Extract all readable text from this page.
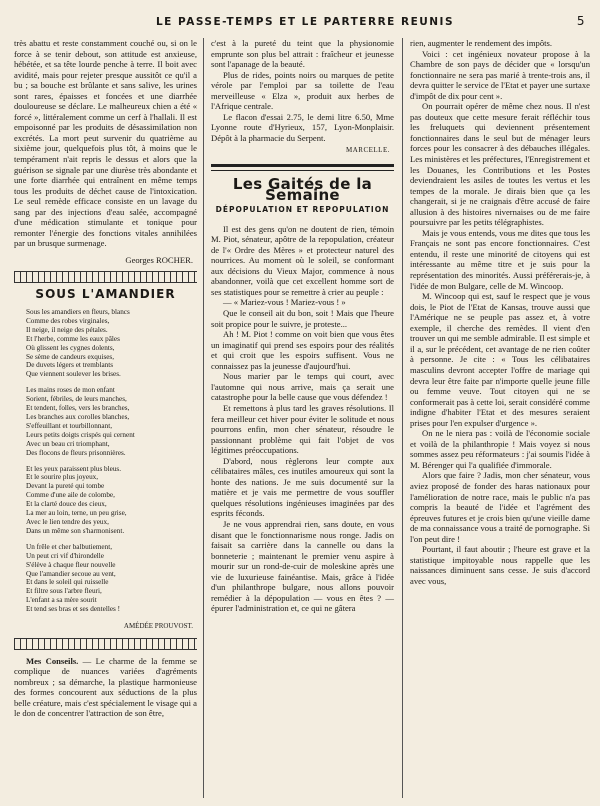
LE PASSE-TEMPS ET LE PARTERRE REUNIS	5

très abattu et reste constamment couché ou, si on le force à se tenir debout, son attitude est anxieuse, hébétée, et sa tête lourde penche à terre. Il boit avec avidité, mais pour rejeter presque aussitôt ce qu'il a bu ; sa bouche est brûlante et sans salive, les urines sont rares, épaisses et foncées et une diarrhée douloureuse se déclare. Le malheureux chien a été « forcé », littéralement comme un cerf à l'hallali. Il est empoisonné par les produits de désassimilation non excrétés. La mort peut survenir du quatrième au sixième jour, quelquefois plus tôt, à moins que le tempérament n'ait repris le dessus et alors que la guérison se signale par une diurèse très abondante et une forte diarrhée qui entraînent en même temps tous les produits de déchet cause de l'intoxication. Le seul remède efficace consiste en un lavage du sang par des injections d'eau salée, accompagné d'une médication stimulante et tonique pour remonter l'énergie des fonctions vitales annihilées par un brusque surmenage.

Georges ROCHER.

SOUS L'AMANDIER
Sous les amandiers en fleurs, blancs
Comme des robes virginales,
Il neige, il neige des pétales.
Et l'herbe, comme les eaux pâles
Où glissent les cygnes dolents,
Se sème de candeurs exquises,
De duvets légers et tremblants
Que viennent soulever les brises.
Les mains roses de mon enfant
Sorient, fébriles, de leurs manches,
Et tendent, folles, vers les branches,
Les branches aux corolles blanches,
S'effeuillant et tourbillonnant,
Leurs petits doigts crispés qui cernent
Avec un beau cri triomphant,
Des flocons de fleurs prisonnières.
Et les yeux paraissent plus bleus.
Et le sourire plus joyeux,
Devant la pureté qui tombe
Comme d'une aile de colombe,
Et la clarté douce des cieux,
La mer au loin, terne, un peu grise,
Avec le lien tendre des yeux,
Dans un même son s'harmonisent.
Un frêle et cher balbutiement,
Un peut cri vif d'hirondelle
S'élève à chaque fleur nouvelle
Que l'amandier secoue au vent,
Et dans le soleil qui ruisselle
Et filtre sous l'arbre fleuri,
L'enfant a sa mère sourit
Et tend ses bras et ses dentelles !
AMÉDÉE PROUVOST.

Mes Conseils. — Le charme de la femme se complique de nuances variées d'agréments nombreux ; sa démarche, la plastique harmonieuse des formes concourent aux séductions de la plus belle créature, mais c'est spécialement le visage qui a le don de concentrer l'attraction de son être,

c'est à la pureté du teint que la physionomie emprunte son plus bel attrait : fraîcheur et jeunesse sont l'apanage de la beauté.

Plus de rides, points noirs ou marques de petite vérole par l'emploi par sa toilette de l'eau merveilleuse « Elza », produit aux herbes de l'Afrique centrale.

Le flacon d'essai 2.75, le demi litre 6.50, Mme Lyonne route d'Hyrieux, 157, Lyon-Monplaisir. Dépôt à la pharmacie du Serpent.

MARCELLE.

Les Gaités de la Semaine
DÉPOPULATION ET REPOPULATION

Il est des gens qu'on ne doutent de rien, témoin M. Piot, sénateur, apôtre de la repopulation, créateur de l'« Ordre des Mères » et protecteur naturel des nourrices. Au moment où le soleil, se conformant aux décisions du Vieux Major, commence à nous abandonner, voilà que cet excellent homme sort de ses statistiques pour se remettre à crier au peuple :

— « Mariez-vous ! Mariez-vous ! »

Que le conseil ait du bon, soit ! Mais que l'heure soit propice pour le suivre, je proteste...

Ah ! M. Piot ! comme on voit bien que vous êtes un imaginatif qui prend ses espoirs pour des réalités et qui croit que les espoirs suffisent. Vous ne connaissez pas la jeunesse d'aujourd'hui.

Nous marier par le temps qui court, avec l'automne qui nous arrive, mais ça serait une catastrophe pour la belle cause que vous défendez !

Et remettons à plus tard les graves résolutions. Il fera meilleur cet hiver pour éviter le solitude et nous pourrons enfin, mon cher sénateur, résoudre le passionnant problème qui fait l'objet de vos légitimes préoccupations.

D'abord, nous règlerons leur compte aux célibataires mâles, ces inutiles amoureux qui sont la honte des nations. Je me suis documenté sur la matière et je vais me permettre de vous souffler quelques résolutions ingénieuses imaginées par des esprits féconds.

Je ne vous apprendrai rien, sans doute, en vous disant que le fonctionnarisme nous ronge. Jadis on faisait sa carrière dans la cannelle ou dans la bonneterie ; maintenant le premier venu aspire à mourir sur un rond-de-cuir de moleskine après une vie de luxurieuse fainéantise. Mais, grâce à l'idée d'un philanthrope bulgare, nous allons pouvoir remédier à la dépopulation — vous en êtes ? — épurer l'administration et, ce qui ne gâtera

rien, augmenter le rendement des impôts.

Voici : cet ingénieux novateur propose à la Chambre de son pays de décider que « lorsqu'un fonctionnaire ne sera pas marié à trente-trois ans, il devra quitter le service de l'Etat et payer une surtaxe d'impôt de dix pour cent ».

On pourrait opérer de même chez nous. Il n'est pas douteux que cette mesure ferait réfléchir tous les freluquets qui deviennent présentement fonctionnaires dans le seul but de ménager leurs forces pour les consacrer à des débauches illégales. Les ministères et les préfectures, l'Enregistrement et les Douanes, les Contributions et les Postes deviendraient les asiles de toutes les vertus et les tempes de la morale. Je dirais bien que ça les changerait, si je ne craignais d'être accusé de faire allusion à des histoires nivernaises ou de me faire poursuivre par les petits télégraphistes.

Mais je vous entends, vous me dites que tous les Français ne sont pas encore fonctionnaires. C'est entendu, il reste une minorité de citoyens qui est intéressante au même titre et je suis pour la représentation des minorités. Aussi préférerais-je, à l'idée de mon Bulgare, celle de M. Wincoop.

M. Wincoop qui est, sauf le respect que je vous dois, le Piot de l'Etat de Kansas, trouve aussi que l'Amérique ne se peuple pas assez et, à votre exemple, il cherche des remèdes. Il vient d'en trouver un qui me semble admirable. Il est simple et il a, sur le précédent, cet avantage de ne rien coûter à personne. Je cite : « Tous les célibataires masculins devront accepter l'offre de mariage qui devra leur être faite par n'importe quelle jeune fille ou femme veuve. Tout citoyen qui ne se conformerait pas à cette loi, serait considéré comme indigne d'habiter l'Etat et des mesures seraient prises pour l'en expulser d'urgence ».

On ne le niera pas : voilà de l'économie sociale et voilà de la philanthropie ! Mais voyez si nous sommes assez peu réformateurs : j'ai soumis l'idée à M. Bérenger qui l'a qualifiée d'immorale.

Alors que faire ? Jadis, mon cher sénateur, vous aviez proposé de fonder des haras nationaux pour l'amélioration de notre race, mais le public n'a pas compris la beauté de l'idée et l'agrément des épreuves futures et je crois bien qu'une vieille dame de ma connaissance vous a traité de pornographe. Si l'on peut dire !

Pourtant, il faut aboutir ; l'heure est grave et la statistique impitoyable nous rappelle que les naissances diminuent sans cesse. Je suis d'accord avec vous,
